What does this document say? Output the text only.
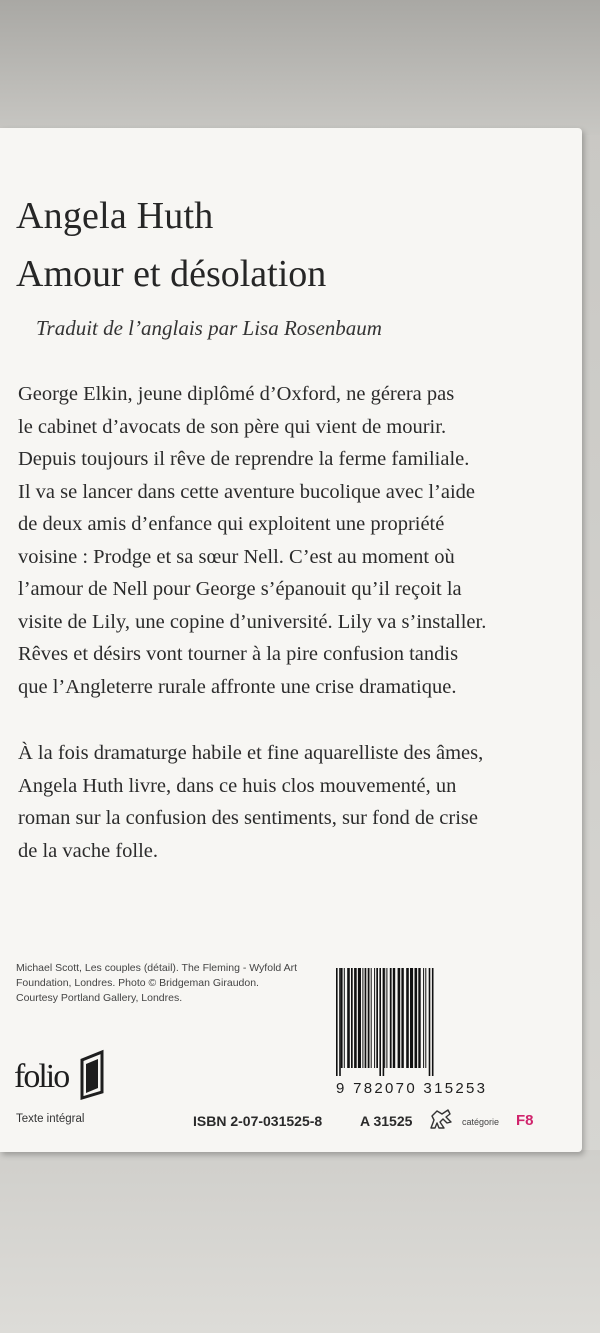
Angela Huth
Amour et désolation
Traduit de l’anglais par Lisa Rosenbaum
George Elkin, jeune diplômé d’Oxford, ne gérera pas
le cabinet d’avocats de son père qui vient de mourir.
Depuis toujours il rêve de reprendre la ferme familiale.
Il va se lancer dans cette aventure bucolique avec l’aide
de deux amis d’enfance qui exploitent une propriété
voisine : Prodge et sa sœur Nell. C’est au moment où
l’amour de Nell pour George s’épanouit qu’il reçoit la
visite de Lily, une copine d’université. Lily va s’installer.
Rêves et désirs vont tourner à la pire confusion tandis
que l’Angleterre rurale affronte une crise dramatique.
À la fois dramaturge habile et fine aquarelliste des âmes,
Angela Huth livre, dans ce huis clos mouvementé, un
roman sur la confusion des sentiments, sur fond de crise
de la vache folle.
Michael Scott, Les couples (détail). The Fleming - Wyfold Art
Foundation, Londres. Photo © Bridgeman Giraudon.
Courtesy Portland Gallery, Londres.
folio
Texte intégral
9 782070 315253
ISBN 2-07-031525-8	A 31525	catégorie F8
